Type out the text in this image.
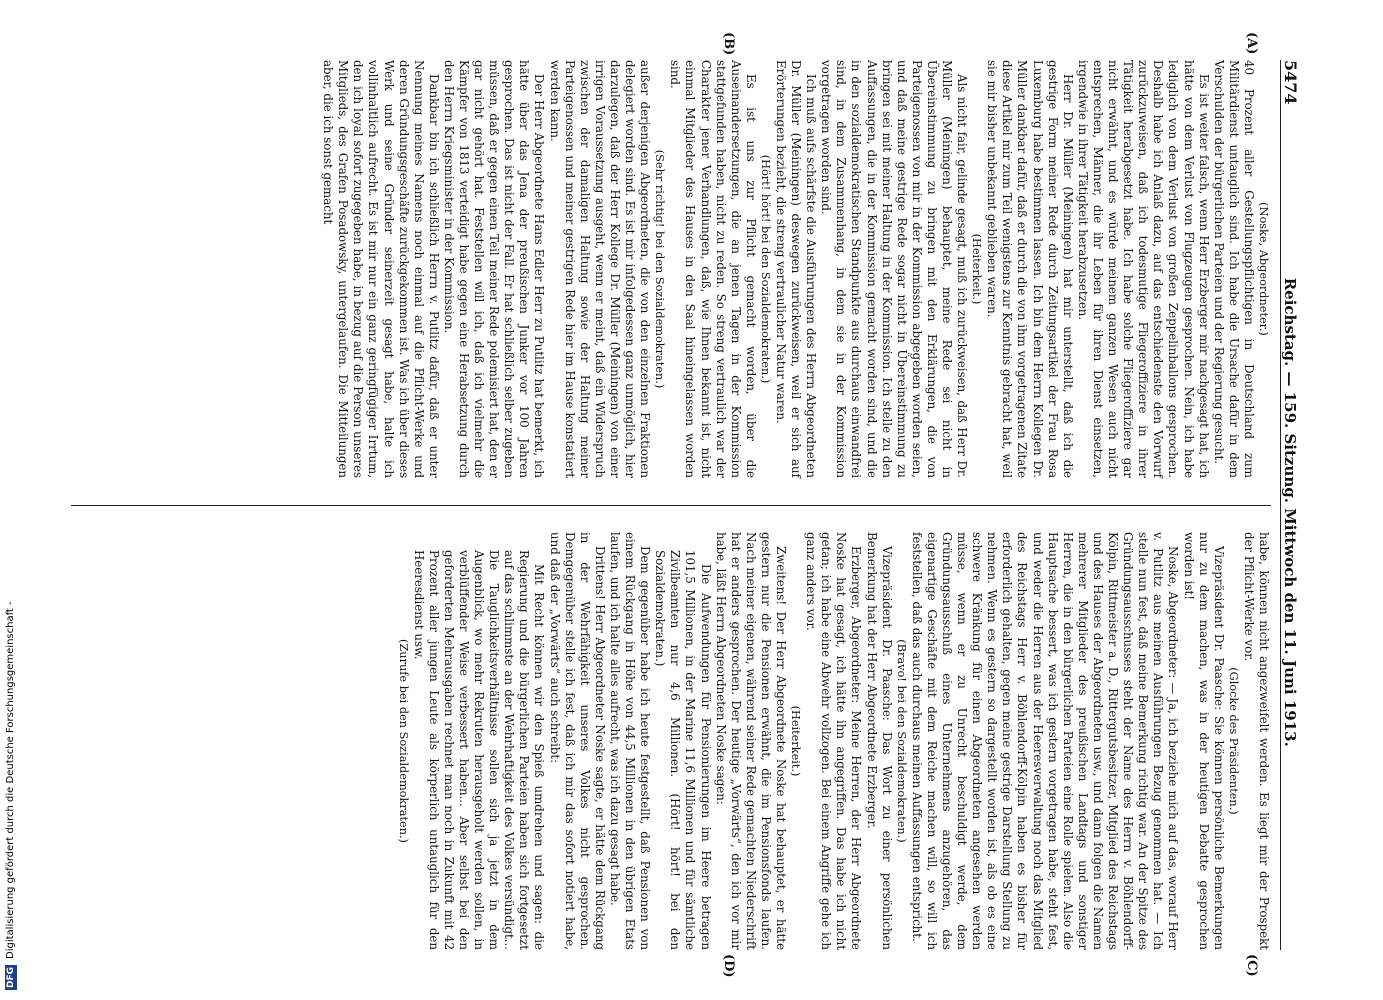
5474
Reichstag. — 159. Sitzung. Mittwoch den 11. Juni 1913.
(A)
(B)
(C)
(D)

(Noske, Abgeordneter.)

40 Prozent aller Gestellungspflichtigen in Deutschland zum Militärdienst untauglich sind. Ich habe die Ursache dafür in dem Verschulden der bürgerlichen Parteien und der Regierung gesucht.

Es ist weiter falsch, wenn Herr Erzberger mir nachgesagt hat, ich hätte von dem Verlust von Flugzeugen gesprochen. Nein, ich habe lediglich von dem Verlust von großen Zeppelinballons gesprochen. Deshalb habe ich Anlaß dazu, auf das entschiedenste den Vorwurf zurückzuweisen, daß ich todesmutige Fliegeroffiziere in ihrer Tätigkeit herabgesetzt habe. Ich habe solche Fliegeroffiziere gar nicht erwähnt, und es würde meinem ganzen Wesen auch nicht entsprechen, Männer, die ihr Leben für ihren Dienst einsetzen, irgendwie in ihrer Tätigkeit herabzusetzen.

Herr Dr. Müller (Meiningen) hat mir unterstellt, daß ich die gestrige Form meiner Rede durch Zeitungsartikel der Frau Rosa Luxemburg habe bestimmen lassen. Ich bin dem Herrn Kollegen Dr. Müller dankbar dafür, daß er durch die von ihm vorgetragenen Zitate diese Artikel mir zum Teil wenigstens zur Kenntnis gebracht hat, weil sie mir bisher unbekannt geblieben waren.

(Heiterkeit.)

Als nicht fair, gelinde gesagt, muß ich zurückweisen, daß Herr Dr. Müller (Meiningen) behauptet, meine Rede sei nicht in Übereinstimmung zu bringen mit den Erklärungen, die von Parteigenossen von mir in der Kommission abgegeben worden seien, und daß meine gestrige Rede sogar nicht in Übereinstimmung zu bringen sei mit meiner Haltung in der Kommission. Ich stelle zu den Auffassungen, die in der Kommission gemacht worden sind, und die in den sozialdemokratischen Standpunkte aus durchaus einwandfrei sind, in dem Zusammenhang, in dem sie in der Kommission vorgetragen worden sind.

Ich muß aufs schärfste die Ausführungen des Herrn Abgeordneten Dr. Müller (Meiningen) deswegen zurückweisen, weil er sich auf Erörterungen bezieht, die streng vertraulicher Natur waren.

(Hört! hört! bei den Sozialdemokraten.)

Es ist uns zur Pflicht gemacht worden, über die Auseinandersetzungen, die an jenen Tagen in der Kommission stattgefunden haben, nicht zu reden. So streng vertraulich war der Charakter jener Verhandlungen, daß, wie Ihnen bekannt ist, nicht einmal Mitglieder des Hauses in den Saal hineingelassen worden sind.

(Sehr richtig! bei den Sozialdemokraten.)

außer derjenigen Abgeordneten, die von den einzelnen Fraktionen delegiert worden sind. Es ist mir infolgedessen ganz unmöglich, hier darzulegen, daß der Herr Kollege Dr. Müller (Meiningen) von einer irrigen Voraussetzung ausgeht, wenn er meint, daß ein Widerspruch zwischen der damaligen Haltung sowie der Haltung meiner Parteigenossen und meiner gestrigen Rede hier im Hause konstatiert werden kann.

Der Herr Abgeordnete Hans Edler Herr zu Putlitz hat bemerkt, ich hätte über das Jena der preußischen Junker vor 100 Jahren gesprochen. Das ist nicht der Fall. Er hat schließlich selber zugeben müssen, daß er gegen einen Teil meiner Rede polemisiert hat, den er gar nicht gehört hat. Feststellen will ich, daß ich vielmehr die Kämpfer von 1813 verteidigt habe gegen eine Herabsetzung durch den Herrn Kriegsminister in der Kommission.

Dankbar bin ich schließlich Herrn v. Putlitz dafür, daß er unter Nennung meines Namens noch einmal auf die Pflicht-Werke und deren Gründungsgeschäfte zurückgekommen ist. Was ich über dieses Werk und seine Gründer seinerzeit gesagt habe, halte ich vollinhaltlich aufrecht. Es ist mir nur ein ganz geringfügiger Irrtum, den ich loyal sofort zugegeben habe, in bezug auf die Person unseres Mitglieds, des Grafen Posadowsky, untergelaufen. Die Mitteilungen aber, die ich sonst gemacht

habe, können nicht angezweifelt werden. Es liegt mir der Prospekt der Pflicht-Werke vor.

(Glocke des Präsidenten.)

Vizepräsident Dr. Paasche: Sie können persönliche Bemerkungen nur zu dem machen, was in der heutigen Debatte gesprochen worden ist!

Noske, Abgeordneter: — Ja, ich beziehe mich auf das, worauf Herr v. Putlitz aus meinen Ausführungen Bezug genommen hat. — Ich stelle nun fest, daß meine Bemerkung richtig war. An der Spitze des Gründungsausschusses steht der Name des Herrn v. Böhlendorff-Kölpin, Rittmeister a. D., Rittergutsbesitzer, Mitglied des Reichstags und des Hauses der Abgeordneten usw., und dann folgen die Namen mehrerer Mitglieder des preußischen Landtags und sonstiger Herren, die in den bürgerlichen Parteien eine Rolle spielen. Also die Hauptsache bessert, was ich gestern vorgetragen habe, steht fest, und weder die Herren aus der Heeresverwaltung noch das Mitglied des Reichstags Herr v. Böhlendorff-Kölpin haben es bisher für erforderlich gehalten, gegen meine gestrige Darstellung Stellung zu nehmen. Wenn es gestern so dargestellt worden ist, als ob es eine schwere Kränkung für einen Abgeordneten angesehen werden müsse, wenn er zu Unrecht beschuldigt werde, dem Gründungsausschuß eines Unternehmens anzugehören, das eigenartige Geschäfte mit dem Reiche machen will, so will ich feststellen, daß das auch durchaus meinen Auffassungen entspricht.

(Bravo! bei den Sozialdemokraten.)

Vizepräsident Dr. Paasche: Das Wort zu einer persönlichen Bemerkung hat der Herr Abgeordnete Erzberger.

Erzberger, Abgeordneter: Meine Herren, der Herr Abgeordnete Noske hat gesagt, ich hätte ihn angegriffen. Das habe ich nicht getan; ich habe eine Abwehr vollzogen. Bei einem Angriffe gehe ich ganz anders vor.

(Heiterkeit.)

Zweitens! Der Herr Abgeordnete Noske hat behauptet, er hätte gestern nur die Pensionen erwähnt, die im Pensionsfonds laufen. Nach meiner eigenen, während seiner Rede gemachten Niederschrift hat er anders gesprochen. Der heutige „Vorwärts“, den ich vor mir habe, läßt Herrn Abgeordneten Noske sagen:

Die Aufwendungen für Pensionierungen im Heere betragen 101,5 Millionen, in der Marine 11,6 Millionen und für sämtliche Zivilbeamten nur 4,6 Millionen. (Hört! hört! bei den Sozialdemokraten.)

Dem gegenüber habe ich heute festgestellt, daß Pensionen von einem Rückgang in Höhe von 44,5 Millionen in den übrigen Etats laufen, und ich halte alles aufrecht, was ich dazu gesagt habe.

Drittens! Herr Abgeordneter Noske sagte, er hätte dem Rückgang in der Wehrfähigkeit unseres Volkes nicht gesprochen. Demgegenüber stelle ich fest, daß ich mir das sofort notiert habe, und daß der „Vorwärts“ auch schreibt:

Mit Recht können wir den Spieß umdrehen und sagen: die Regierung und die bürgerlichen Parteien haben sich fortgesetzt auf das schlimmste an der Wehrhaftigkeit des Volkes versündigt... Die Tauglichkeitsverhältnisse sollen sich ja jetzt in dem Augenblick, wo mehr Rekruten herausgeholt werden sollen, in verblüffender Weise verbessert haben... Aber selbst bei den geforderten Mehrausgaben rechnet man noch in Zukunft mit 42 Prozent aller jungen Leute als körperlich untauglich für den Heeresdienst usw.

(Zurufe bei den Sozialdemokraten.)

DFGDigitalisierung gefördert durch die Deutsche Forschungsgemeinschaft -
